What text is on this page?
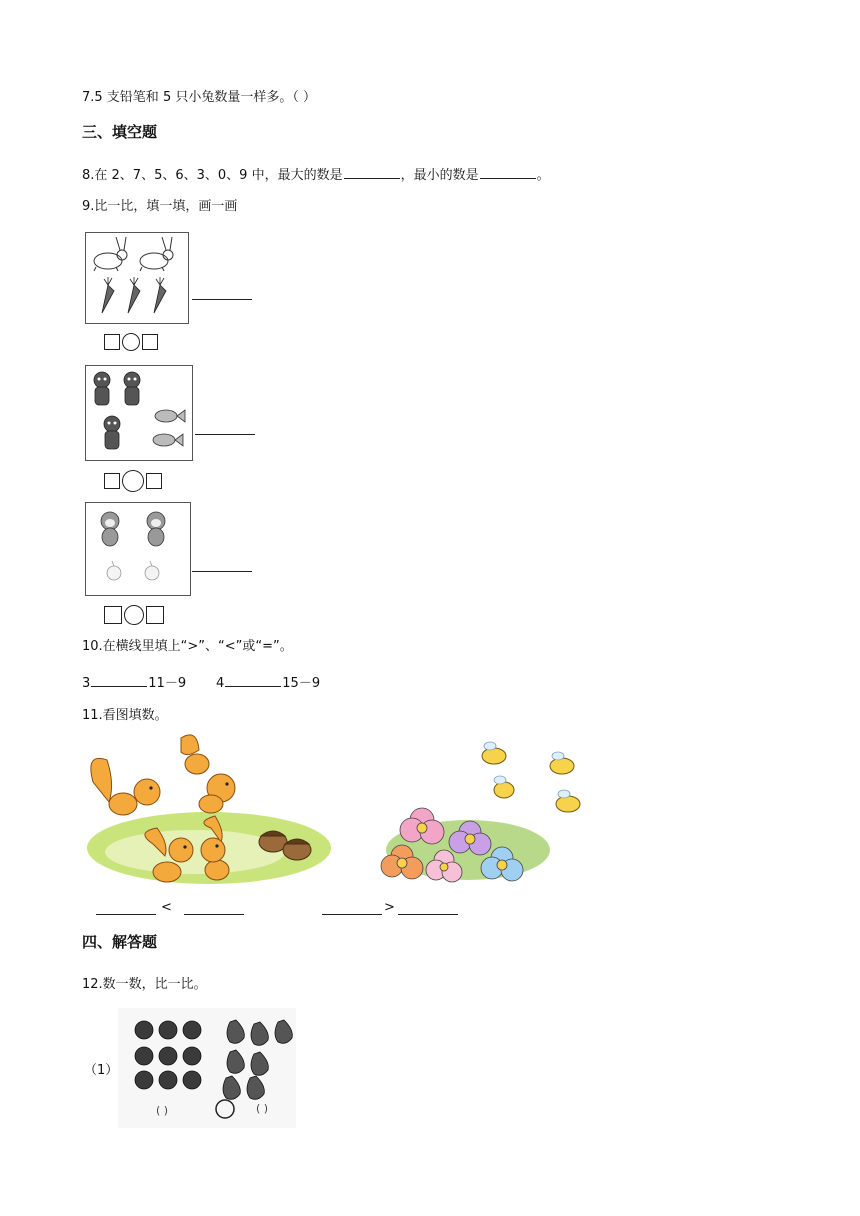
7.5 支铅笔和 5 只小兔数量一样多。（ ）
三、填空题
8.在 2、7、5、6、3、0、9 中，最大的数是	，最小的数是	。
9.比一比，填一填，画一画
10.在横线里填上“>”、“<”或“=”。
3	11－9 4	15－9
11.看图填数。
<	>
四、解答题
12.数一数，比一比。
（1）
( )	( )
